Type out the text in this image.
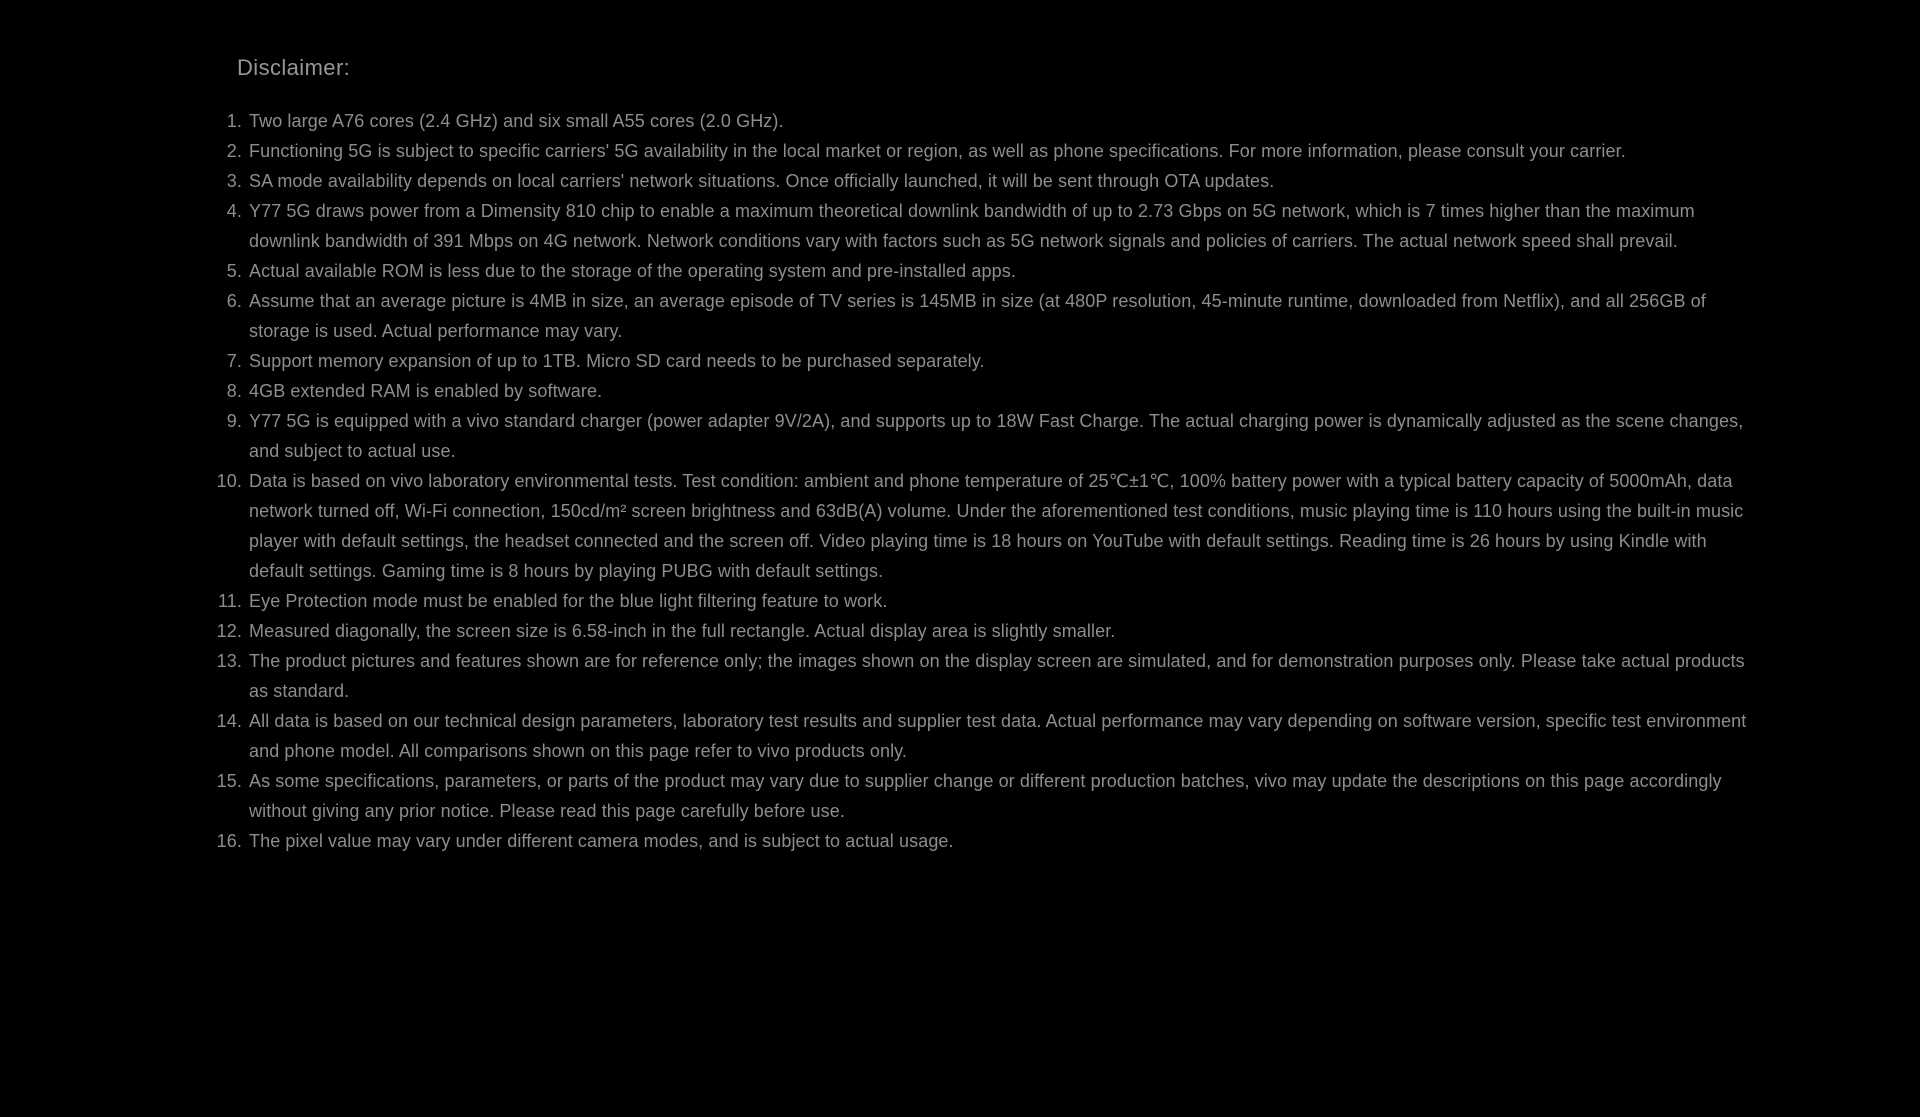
Disclaimer:
Two large A76 cores (2.4 GHz) and six small A55 cores (2.0 GHz).
Functioning 5G is subject to specific carriers' 5G availability in the local market or region, as well as phone specifications. For more information, please consult your carrier.
SA mode availability depends on local carriers' network situations. Once officially launched, it will be sent through OTA updates.
Y77 5G draws power from a Dimensity 810 chip to enable a maximum theoretical downlink bandwidth of up to 2.73 Gbps on 5G network, which is 7 times higher than the maximum downlink bandwidth of 391 Mbps on 4G network. Network conditions vary with factors such as 5G network signals and policies of carriers. The actual network speed shall prevail.
Actual available ROM is less due to the storage of the operating system and pre-installed apps.
Assume that an average picture is 4MB in size, an average episode of TV series is 145MB in size (at 480P resolution, 45-minute runtime, downloaded from Netflix), and all 256GB of storage is used. Actual performance may vary.
Support memory expansion of up to 1TB. Micro SD card needs to be purchased separately.
4GB extended RAM is enabled by software.
Y77 5G is equipped with a vivo standard charger (power adapter 9V/2A), and supports up to 18W Fast Charge. The actual charging power is dynamically adjusted as the scene changes, and subject to actual use.
Data is based on vivo laboratory environmental tests. Test condition: ambient and phone temperature of 25℃±1℃, 100% battery power with a typical battery capacity of 5000mAh, data network turned off, Wi-Fi connection, 150cd/m² screen brightness and 63dB(A) volume. Under the aforementioned test conditions, music playing time is 110 hours using the built-in music player with default settings, the headset connected and the screen off. Video playing time is 18 hours on YouTube with default settings. Reading time is 26 hours by using Kindle with default settings. Gaming time is 8 hours by playing PUBG with default settings.
Eye Protection mode must be enabled for the blue light filtering feature to work.
Measured diagonally, the screen size is 6.58-inch in the full rectangle. Actual display area is slightly smaller.
The product pictures and features shown are for reference only; the images shown on the display screen are simulated, and for demonstration purposes only. Please take actual products as standard.
All data is based on our technical design parameters, laboratory test results and supplier test data. Actual performance may vary depending on software version, specific test environment and phone model. All comparisons shown on this page refer to vivo products only.
As some specifications, parameters, or parts of the product may vary due to supplier change or different production batches, vivo may update the descriptions on this page accordingly without giving any prior notice. Please read this page carefully before use.
The pixel value may vary under different camera modes, and is subject to actual usage.
